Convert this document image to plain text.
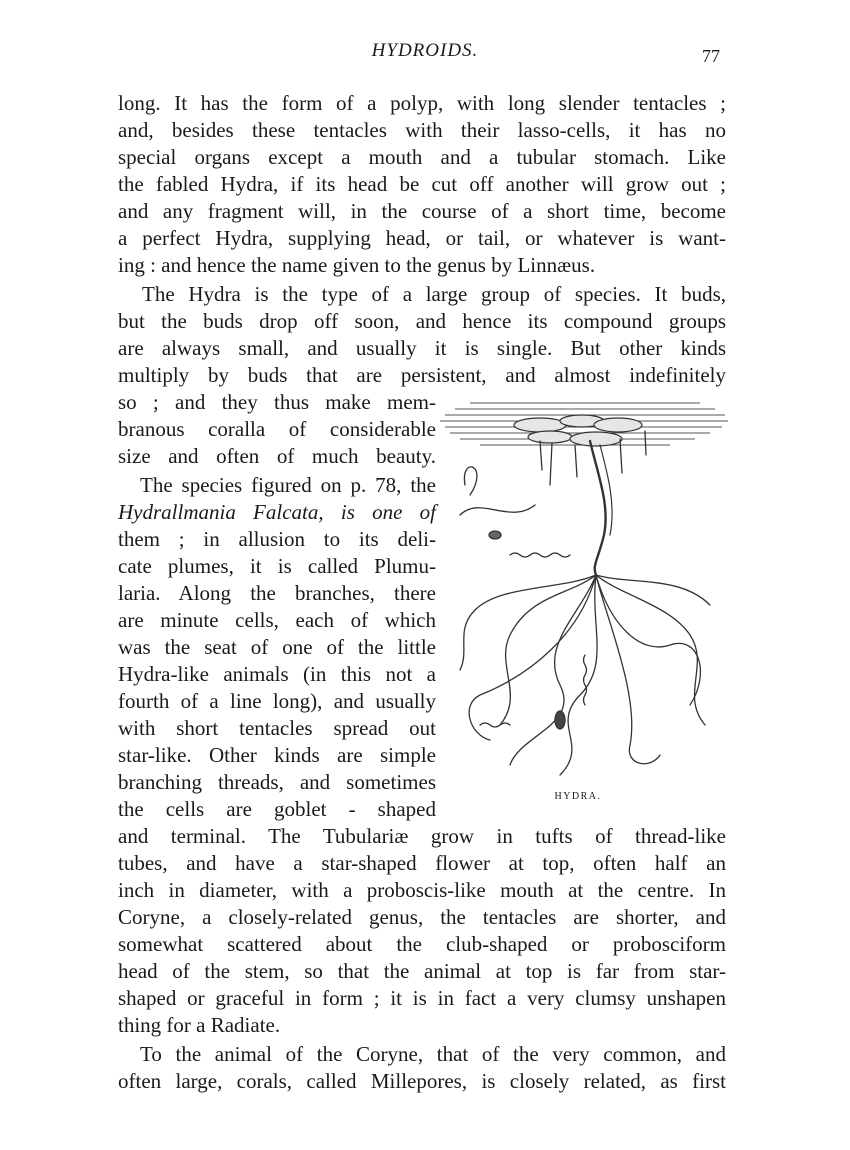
HYDROIDS.	77
long. It has the form of a polyp, with long slender tentacles ;
and, besides these tentacles with their lasso-cells, it has no
special organs except a mouth and a tubular stomach. Like
the fabled Hydra, if its head be cut off another will grow out ;
and any fragment will, in the course of a short time, become
a perfect Hydra, supplying head, or tail, or whatever is want-
ing : and hence the name given to the genus by Linnæus.
The Hydra is the type of a large group of species. It buds,
but the buds drop off soon, and hence its compound groups
are always small, and usually it is single. But other kinds
multiply by buds that are persistent, and almost indefinitely
so ; and they thus make mem-
branous coralla of considerable
size and often of much beauty.
The species figured on p. 78, the
Hydrallmania Falcata, is one of
them ; in allusion to its deli-
cate plumes, it is called Plumu-
laria. Along the branches, there
are minute cells, each of which
was the seat of one of the little
Hydra-like animals (in this not a
fourth of a line long), and usually
with short tentacles spread out
star-like. Other kinds are simple
branching threads, and sometimes
the cells are goblet - shaped
and terminal. The Tubulariæ grow in tufts of thread-like
tubes, and have a star-shaped flower at top, often half an
inch in diameter, with a proboscis-like mouth at the centre. In
Coryne, a closely-related genus, the tentacles are shorter, and
somewhat scattered about the club-shaped or probosciform
head of the stem, so that the animal at top is far from star-
shaped or graceful in form ; it is in fact a very clumsy unshapen
thing for a Radiate.
To the animal of the Coryne, that of the very common, and
often large, corals, called Millepores, is closely related, as first
HYDRA.
